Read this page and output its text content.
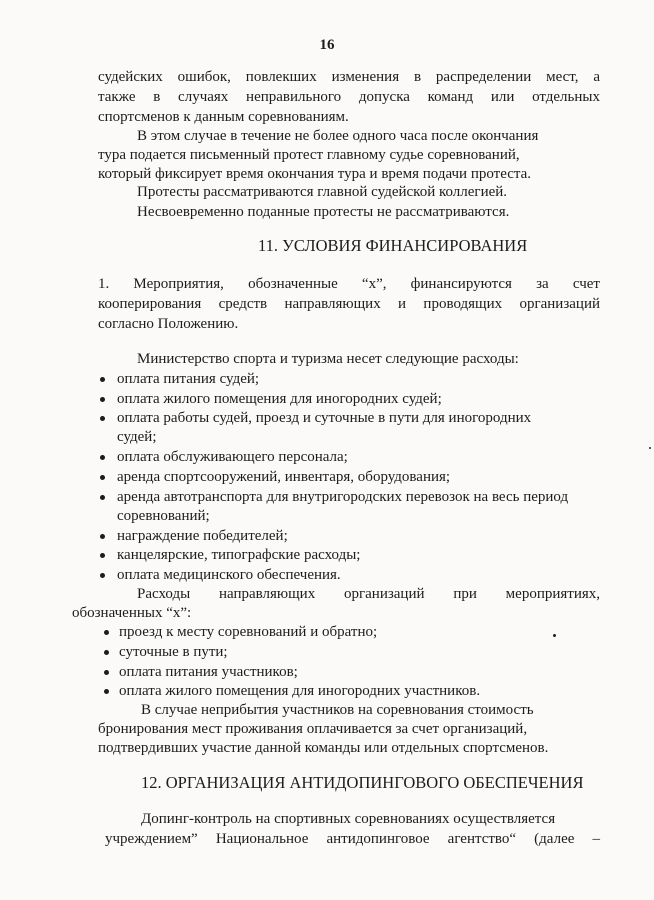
16
судейских ошибок, повлекших изменения в распределении мест, а
также в случаях неправильного допуска команд или отдельных
спортсменов к данным соревнованиям.
В этом случае в течение не более одного часа после окончания
тура подается письменный протест главному судье соревнований,
который фиксирует время окончания тура и время подачи протеста.
Протесты рассматриваются главной судейской коллегией.
Несвоевременно поданные протесты не рассматриваются.
11. УСЛОВИЯ ФИНАНСИРОВАНИЯ
1. Мероприятия, обозначенные “х”, финансируются за счет
кооперирования средств направляющих и проводящих организаций
согласно Положению.
Министерство спорта и туризма несет следующие расходы:
оплата питания судей;
оплата жилого помещения для иногородних судей;
оплата работы судей, проезд и суточные в пути для иногородних
судей;
оплата обслуживающего персонала;
аренда спортсооружений, инвентаря, оборудования;
аренда автотранспорта для внутригородских перевозок на весь период
соревнований;
награждение победителей;
канцелярские, типографские расходы;
оплата медицинского обеспечения.
Расходы направляющих организаций при мероприятиях,
обозначенных “х”:
проезд к месту соревнований и обратно;
суточные в пути;
оплата питания участников;
оплата жилого помещения для иногородних участников.
В случае неприбытия участников на соревнования стоимость
бронирования мест проживания оплачивается за счет организаций,
подтвердивших участие данной команды или отдельных спортсменов.
12. ОРГАНИЗАЦИЯ АНТИДОПИНГОВОГО ОБЕСПЕЧЕНИЯ
Допинг-контроль на спортивных соревнованиях осуществляется
учреждением” Национальное антидопинговое агентство“ (далее –
